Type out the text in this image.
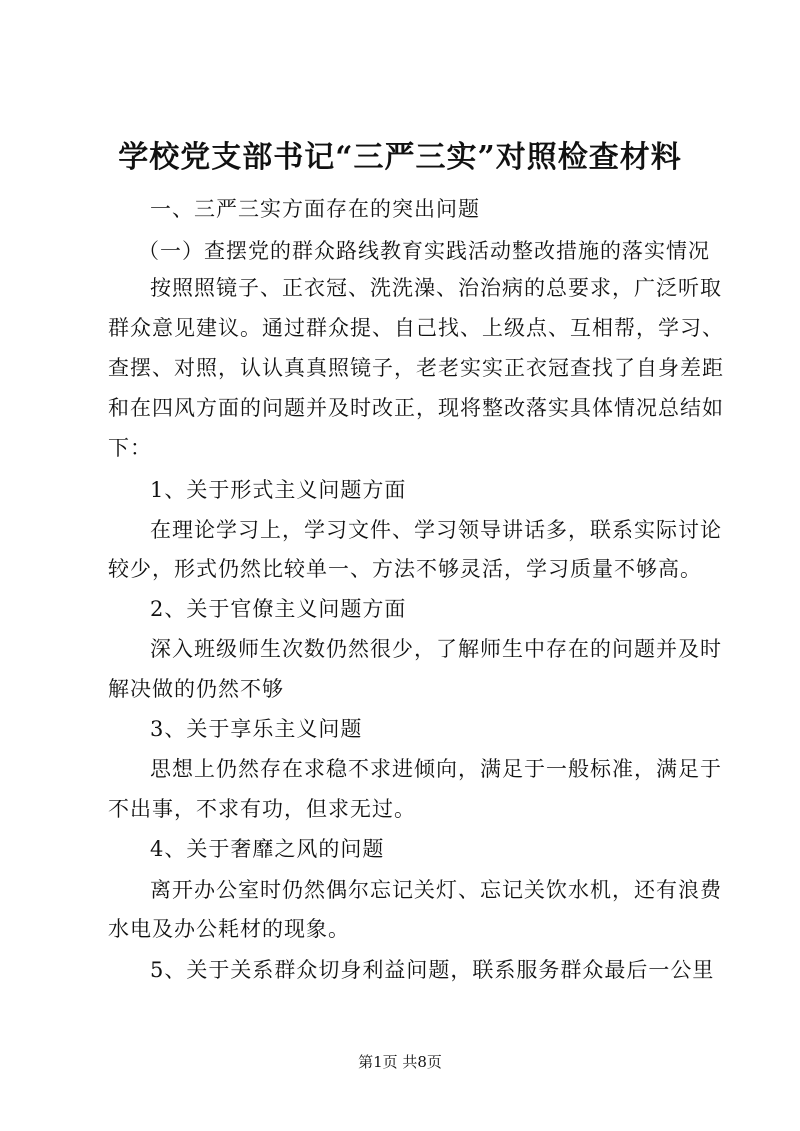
学校党支部书记“三严三实”对照检查材料
一、三严三实方面存在的突出问题
（一）查摆党的群众路线教育实践活动整改措施的落实情况
按照照镜子、正衣冠、洗洗澡、治治病的总要求，广泛听取
群众意见建议。通过群众提、自己找、上级点、互相帮，学习、
查摆、对照，认认真真照镜子，老老实实正衣冠查找了自身差距
和在四风方面的问题并及时改正，现将整改落实具体情况总结如
下：
1、关于形式主义问题方面
在理论学习上，学习文件、学习领导讲话多，联系实际讨论
较少，形式仍然比较单一、方法不够灵活，学习质量不够高。
2、关于官僚主义问题方面
深入班级师生次数仍然很少，了解师生中存在的问题并及时
解决做的仍然不够
3、关于享乐主义问题
思想上仍然存在求稳不求进倾向，满足于一般标准，满足于
不出事，不求有功，但求无过。
4、关于奢靡之风的问题
离开办公室时仍然偶尔忘记关灯、忘记关饮水机，还有浪费
水电及办公耗材的现象。
5、关于关系群众切身利益问题，联系服务群众最后一公里
第1页 共8页
